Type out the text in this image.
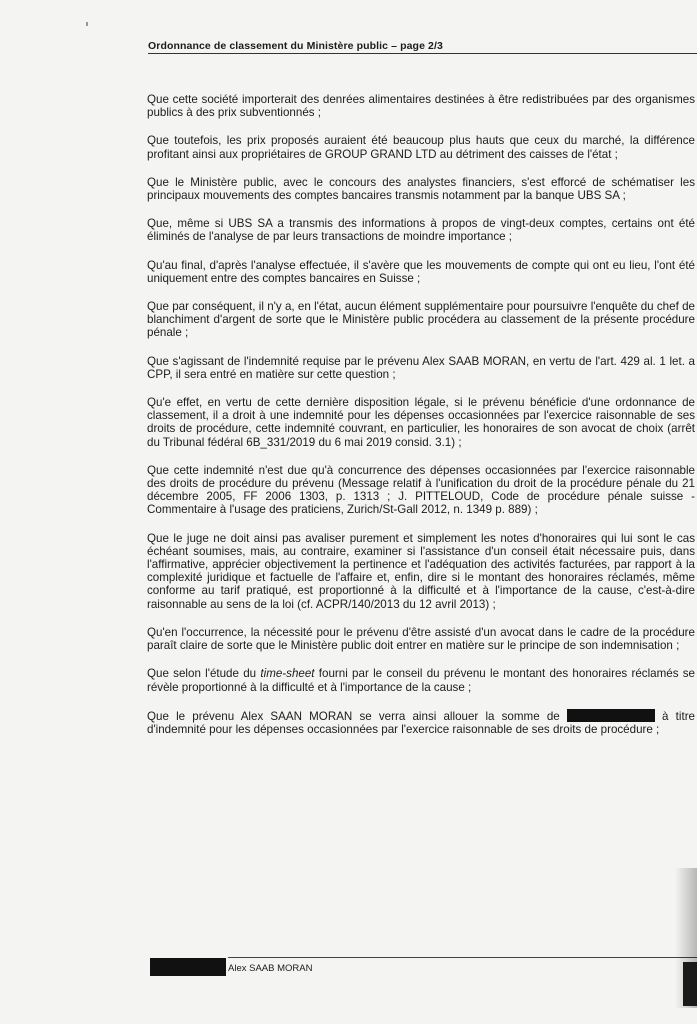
Ordonnance de classement du Ministère public – page 2/3

Que cette société importerait des denrées alimentaires destinées à être redistribuées par des organismes publics à des prix subventionnés ;

Que toutefois, les prix proposés auraient été beaucoup plus hauts que ceux du marché, la différence profitant ainsi aux propriétaires de GROUP GRAND LTD au détriment des caisses de l'état ;

Que le Ministère public, avec le concours des analystes financiers, s'est efforcé de schématiser les principaux mouvements des comptes bancaires transmis notamment par la banque UBS SA ;

Que, même si UBS SA a transmis des informations à propos de vingt-deux comptes, certains ont été éliminés de l'analyse de par leurs transactions de moindre importance ;

Qu'au final, d'après l'analyse effectuée, il s'avère que les mouvements de compte qui ont eu lieu, l'ont été uniquement entre des comptes bancaires en Suisse ;

Que par conséquent, il n'y a, en l'état, aucun élément supplémentaire pour poursuivre l'enquête du chef de blanchiment d'argent de sorte que le Ministère public procédera au classement de la présente procédure pénale ;

Que s'agissant de l'indemnité requise par le prévenu Alex SAAB MORAN, en vertu de l'art. 429 al. 1 let. a CPP, il sera entré en matière sur cette question ;

Qu'e effet, en vertu de cette dernière disposition légale, si le prévenu bénéficie d'une ordonnance de classement, il a droit à une indemnité pour les dépenses occasionnées par l'exercice raisonnable de ses droits de procédure, cette indemnité couvrant, en particulier, les honoraires de son avocat de choix (arrêt du Tribunal fédéral 6B_331/2019 du 6 mai 2019 consid. 3.1) ;

Que cette indemnité n'est due qu'à concurrence des dépenses occasionnées par l'exercice raisonnable des droits de procédure du prévenu (Message relatif à l'unification du droit de la procédure pénale du 21 décembre 2005, FF 2006 1303, p. 1313 ; J. PITTELOUD, Code de procédure pénale suisse - Commentaire à l'usage des praticiens, Zurich/St-Gall 2012, n. 1349 p. 889) ;

Que le juge ne doit ainsi pas avaliser purement et simplement les notes d'honoraires qui lui sont le cas échéant soumises, mais, au contraire, examiner si l'assistance d'un conseil était nécessaire puis, dans l'affirmative, apprécier objectivement la pertinence et l'adéquation des activités facturées, par rapport à la complexité juridique et factuelle de l'affaire et, enfin, dire si le montant des honoraires réclamés, même conforme au tarif pratiqué, est proportionné à la difficulté et à l'importance de la cause, c'est-à-dire raisonnable au sens de la loi (cf. ACPR/140/2013 du 12 avril 2013) ;

Qu'en l'occurrence, la nécessité pour le prévenu d'être assisté d'un avocat dans le cadre de la procédure paraît claire de sorte que le Ministère public doit entrer en matière sur le principe de son indemnisation ;

Que selon l'étude du time-sheet fourni par le conseil du prévenu le montant des honoraires réclamés se révèle proportionné à la difficulté et à l'importance de la cause ;

Que le prévenu Alex SAAN MORAN se verra ainsi allouer la somme de	à titre d'indemnité pour les dépenses occasionnées par l'exercice raisonnable de ses droits de procédure ;

Alex SAAB MORAN
